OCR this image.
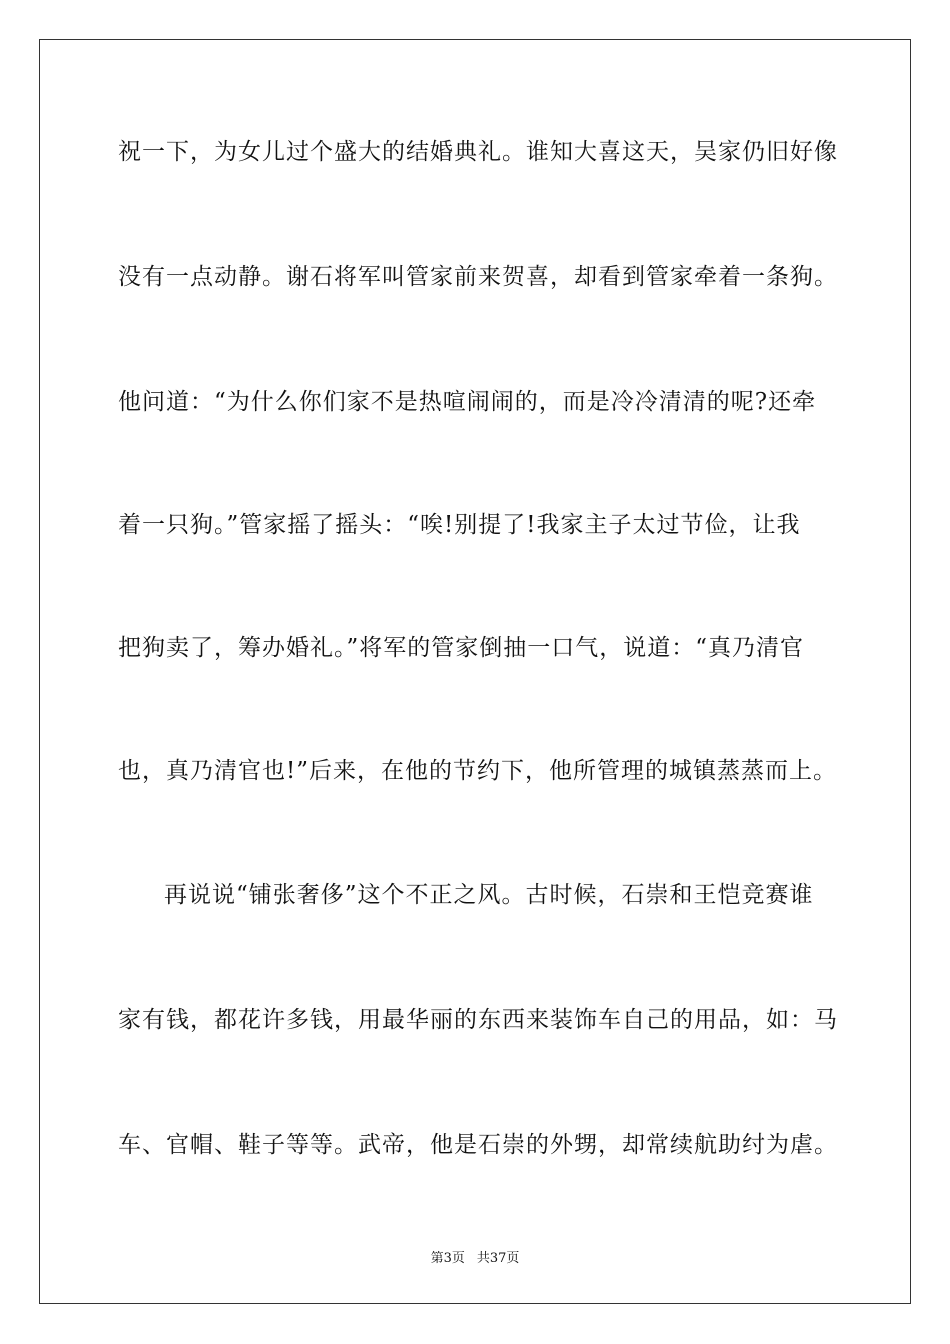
祝一下，为女儿过个盛大的结婚典礼。谁知大喜这天，吴家仍旧好像
没有一点动静。谢石将军叫管家前来贺喜，却看到管家牵着一条狗。
他问道：“为什么你们家不是热喧闹闹的，而是冷冷清清的呢?还牵
着一只狗。”管家摇了摇头：“唉!别提了!我家主子太过节俭，让我
把狗卖了，筹办婚礼。”将军的管家倒抽一口气，说道：“真乃清官
也，真乃清官也!”后来，在他的节约下，他所管理的城镇蒸蒸而上。
再说说“铺张奢侈”这个不正之风。古时候，石崇和王恺竞赛谁
家有钱，都花许多钱，用最华丽的东西来装饰车自己的用品，如：马
车、官帽、鞋子等等。武帝，他是石崇的外甥，却常续航助纣为虐。
第3页 共37页
